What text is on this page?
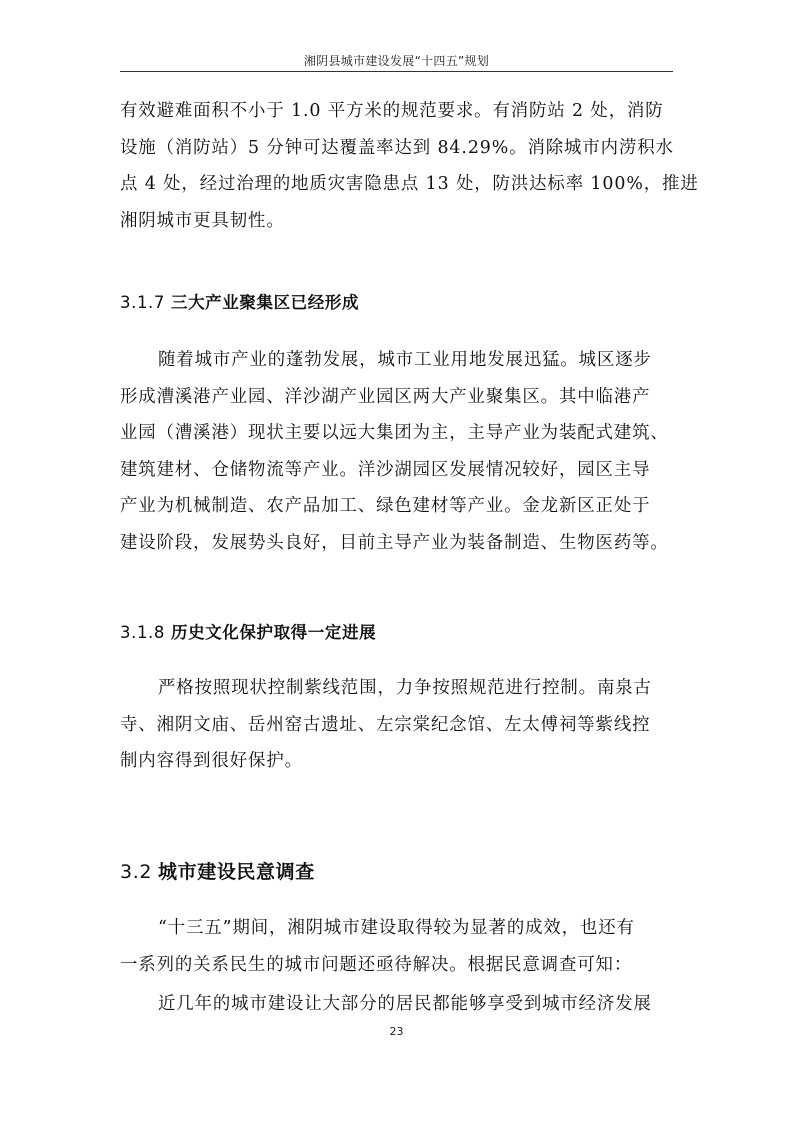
湘阴县城市建设发展“十四五”规划
有效避难面积不小于 1.0 平方米的规范要求。有消防站 2 处，消防
设施（消防站）5 分钟可达覆盖率达到 84.29%。消除城市内涝积水
点 4 处，经过治理的地质灾害隐患点 13 处，防洪达标率 100%，推进
湘阴城市更具韧性。
3.1.7 三大产业聚集区已经形成
随着城市产业的蓬勃发展，城市工业用地发展迅猛。城区逐步
形成漕溪港产业园、洋沙湖产业园区两大产业聚集区。其中临港产
业园（漕溪港）现状主要以远大集团为主，主导产业为装配式建筑、
建筑建材、仓储物流等产业。洋沙湖园区发展情况较好，园区主导
产业为机械制造、农产品加工、绿色建材等产业。金龙新区正处于
建设阶段，发展势头良好，目前主导产业为装备制造、生物医药等。
3.1.8 历史文化保护取得一定进展
严格按照现状控制紫线范围，力争按照规范进行控制。南泉古
寺、湘阴文庙、岳州窑古遗址、左宗棠纪念馆、左太傅祠等紫线控
制内容得到很好保护。
3.2 城市建设民意调查
“十三五”期间，湘阴城市建设取得较为显著的成效，也还有
一系列的关系民生的城市问题还亟待解决。根据民意调查可知：
近几年的城市建设让大部分的居民都能够享受到城市经济发展
23
